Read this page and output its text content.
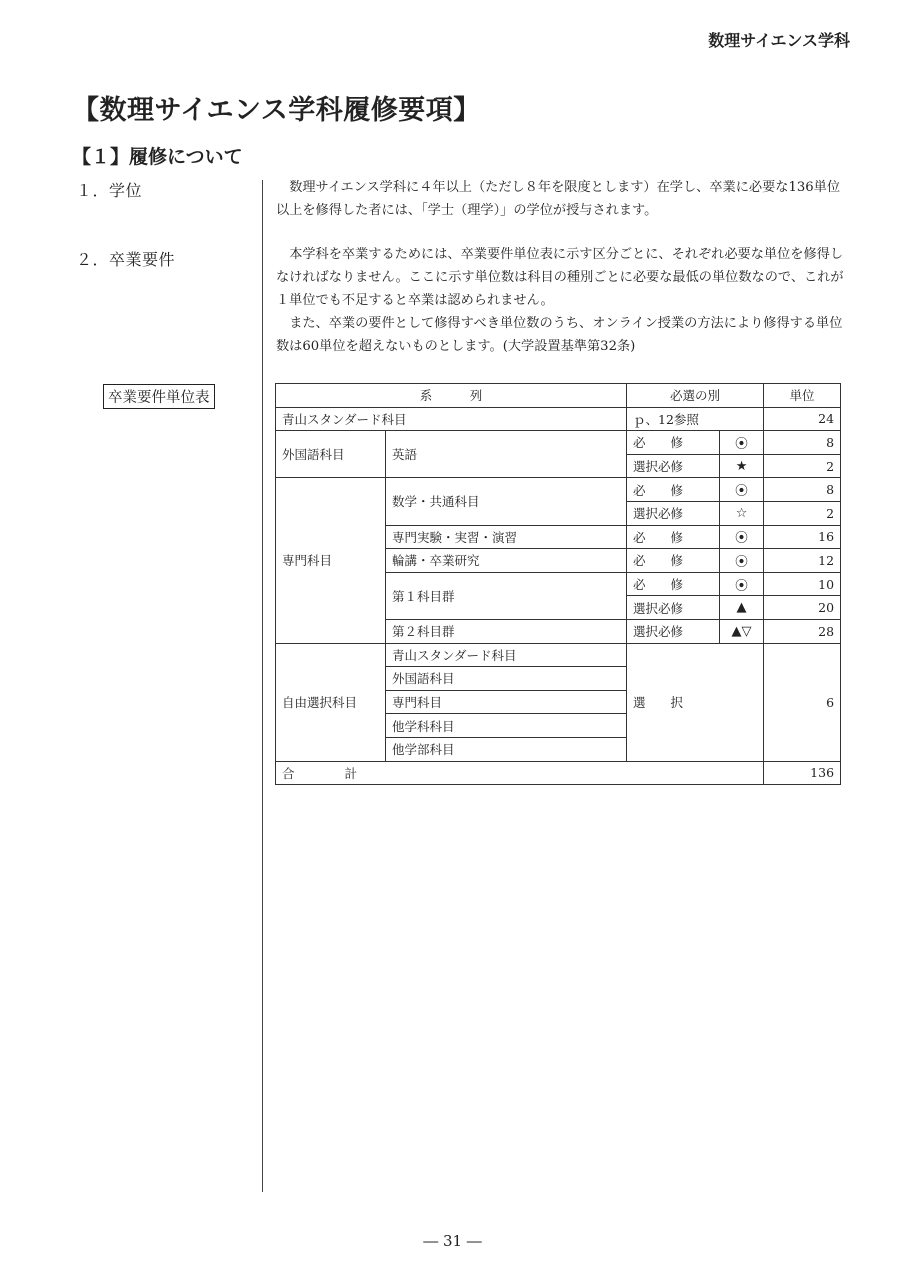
数理サイエンス学科
【数理サイエンス学科履修要項】
【１】履修について
１．学位
２．卒業要件

数理サイエンス学科に４年以上（ただし８年を限度とします）在学し、卒業に必要な136単位以上を修得した者には、「学士（理学）」の学位が授与されます。

本学科を卒業するためには、卒業要件単位表に示す区分ごとに、それぞれ必要な単位を修得しなければなりません。ここに示す単位数は科目の種別ごとに必要な最低の単位数なので、これが１単位でも不足すると卒業は認められません。

また、卒業の要件として修得すべき単位数のうち、オンライン授業の方法により修得する単位数は60単位を超えないものとします。(大学設置基準第32条)

卒業要件単位表	系　　　列		必選の別		単位
青山スタンダード科目		ｐ、12参照		24
外国語科目	英語	必　　修	⦿	8
		選択必修	★	2
専門科目	数学・共通科目	必　　修	⦿	8
		選択必修	☆	2
	専門実験・実習・演習	必　　修	⦿	16
	輪講・卒業研究	必　　修	⦿	12
	第１科目群	必　　修	⦿	10
		選択必修	▲	20
	第２科目群	選択必修	▲▽	28
自由選択科目	青山スタンダード科目	選　　択		6
	外国語科目			
	専門科目			
	他学科科目			
	他学部科目			
合　　　　計				136
― 31 ―
